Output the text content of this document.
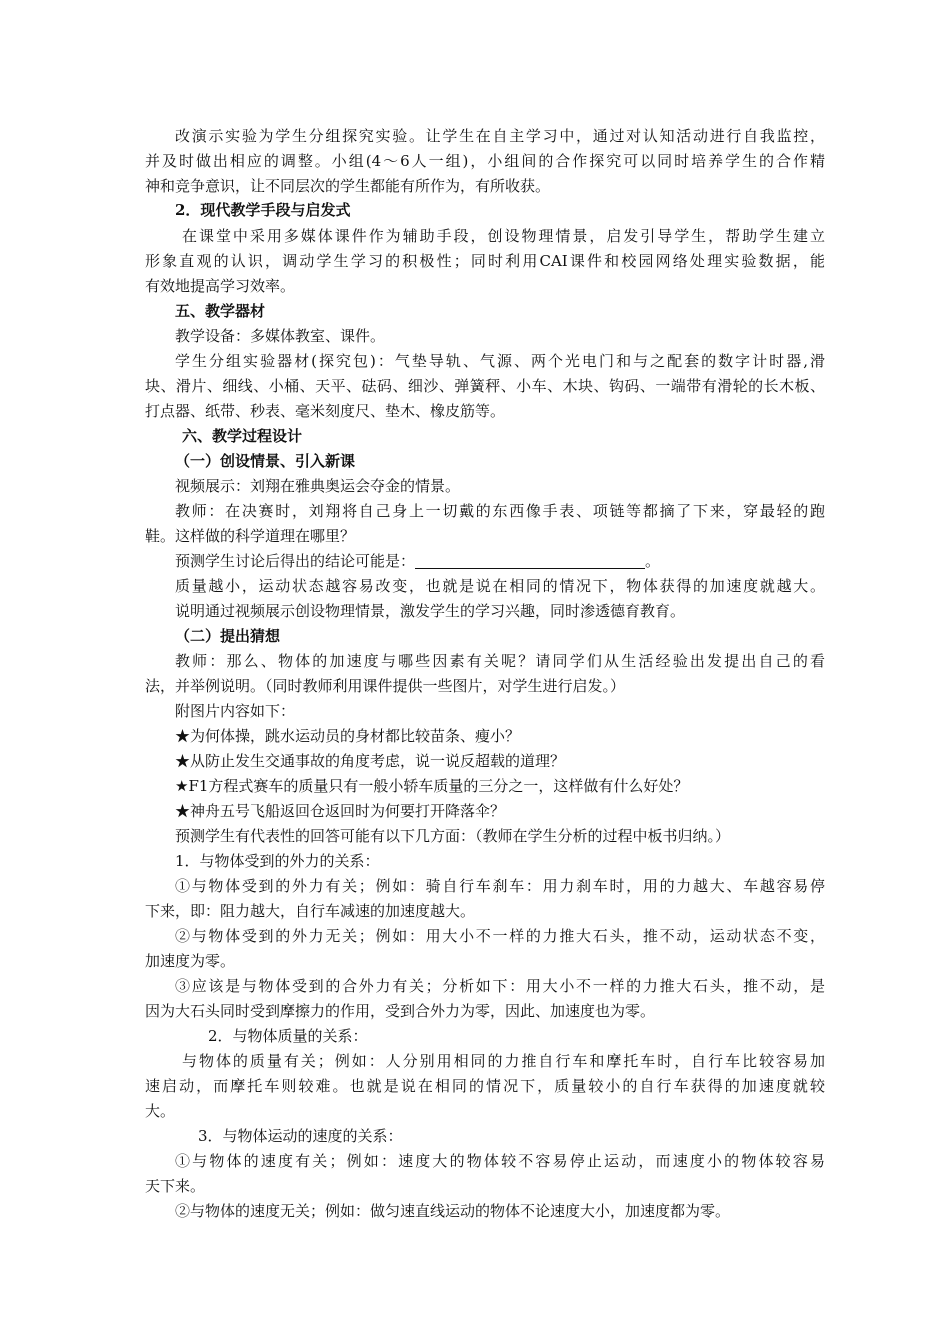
改演示实验为学生分组探究实验。让学生在自主学习中，通过对认知活动进行自我监控，
并及时做出相应的调整。小组(4～6人一组)，小组间的合作探究可以同时培养学生的合作精
神和竞争意识，让不同层次的学生都能有所作为，有所收获。
2．现代教学手段与启发式
在课堂中采用多媒体课件作为辅助手段，创设物理情景，启发引导学生，帮助学生建立
形象直观的认识，调动学生学习的积极性；同时利用CAI课件和校园网络处理实验数据，能
有效地提高学习效率。
五、教学器材
教学设备：多媒体教室、课件。
学生分组实验器材(探究包)：气垫导轨、气源、两个光电门和与之配套的数字计时器,滑
块、滑片、细线、小桶、天平、砝码、细沙、弹簧秤、小车、木块、钩码、一端带有滑轮的长木板、
打点器、纸带、秒表、毫米刻度尺、垫木、橡皮筋等。
六、教学过程设计
（一）创设情景、引入新课
视频展示：刘翔在雅典奥运会夺金的情景。
教师：在决赛时，刘翔将自己身上一切戴的东西像手表、项链等都摘了下来，穿最轻的跑
鞋。这样做的科学道理在哪里？
预测学生讨论后得出的结论可能是：	。
质量越小，运动状态越容易改变，也就是说在相同的情况下，物体获得的加速度就越大。
说明通过视频展示创设物理情景，激发学生的学习兴趣，同时渗透德育教育。
（二）提出猜想
教师：那么、物体的加速度与哪些因素有关呢？请同学们从生活经验出发提出自己的看
法，并举例说明。（同时教师利用课件提供一些图片，对学生进行启发。）
附图片内容如下：
★为何体操，跳水运动员的身材都比较苗条、瘦小？
★从防止发生交通事故的角度考虑，说一说反超载的道理？
★F1方程式赛车的质量只有一般小轿车质量的三分之一，这样做有什么好处？
★神舟五号飞船返回仓返回时为何要打开降落伞？
预测学生有代表性的回答可能有以下几方面：（教师在学生分析的过程中板书归纳。）
1．与物体受到的外力的关系：
①与物体受到的外力有关；例如：骑自行车刹车：用力刹车时，用的力越大、车越容易停
下来，即：阻力越大，自行车减速的加速度越大。
②与物体受到的外力无关；例如：用大小不一样的力推大石头，推不动，运动状态不变，
加速度为零。
③应该是与物体受到的合外力有关；分析如下：用大小不一样的力推大石头，推不动，是
因为大石头同时受到摩擦力的作用，受到合外力为零，因此、加速度也为零。
2．与物体质量的关系：
与物体的质量有关；例如：人分别用相同的力推自行车和摩托车时，自行车比较容易加
速启动，而摩托车则较难。也就是说在相同的情况下，质量较小的自行车获得的加速度就较
大。
3．与物体运动的速度的关系：
①与物体的速度有关；例如：速度大的物体较不容易停止运动，而速度小的物体较容易
天下来。
②与物体的速度无关；例如：做匀速直线运动的物体不论速度大小，加速度都为零。
